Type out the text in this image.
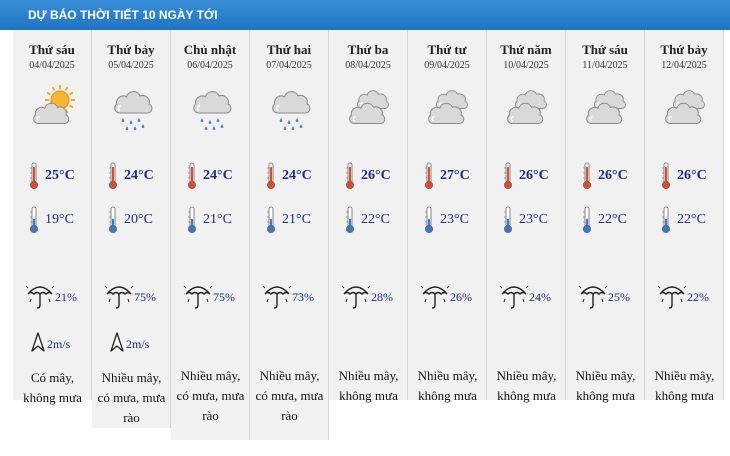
DỰ BÁO THỜI TIẾT 10 NGÀY TỚI
Thứ sáu
04/04/2025
25°C
19°C
21%
2m/s
Có mây,
không mưa
Thứ bảy
05/04/2025
24°C
20°C
75%
2m/s
Nhiều mây,
có mưa, mưa
rào
Chủ nhật
06/04/2025
24°C
21°C
75%
Nhiều mây,
có mưa, mưa
rào
Thứ hai
07/04/2025
24°C
21°C
73%
Nhiều mây,
có mưa, mưa
rào
Thứ ba
08/04/2025
26°C
22°C
28%
Nhiều mây,
không mưa
Thứ tư
09/04/2025
27°C
23°C
26%
Nhiều mây,
không mưa
Thứ năm
10/04/2025
26°C
23°C
24%
Nhiều mây,
không mưa
Thứ sáu
11/04/2025
26°C
22°C
25%
Nhiều mây,
không mưa
Thứ bảy
12/04/2025
26°C
22°C
22%
Nhiều mây,
không mưa
